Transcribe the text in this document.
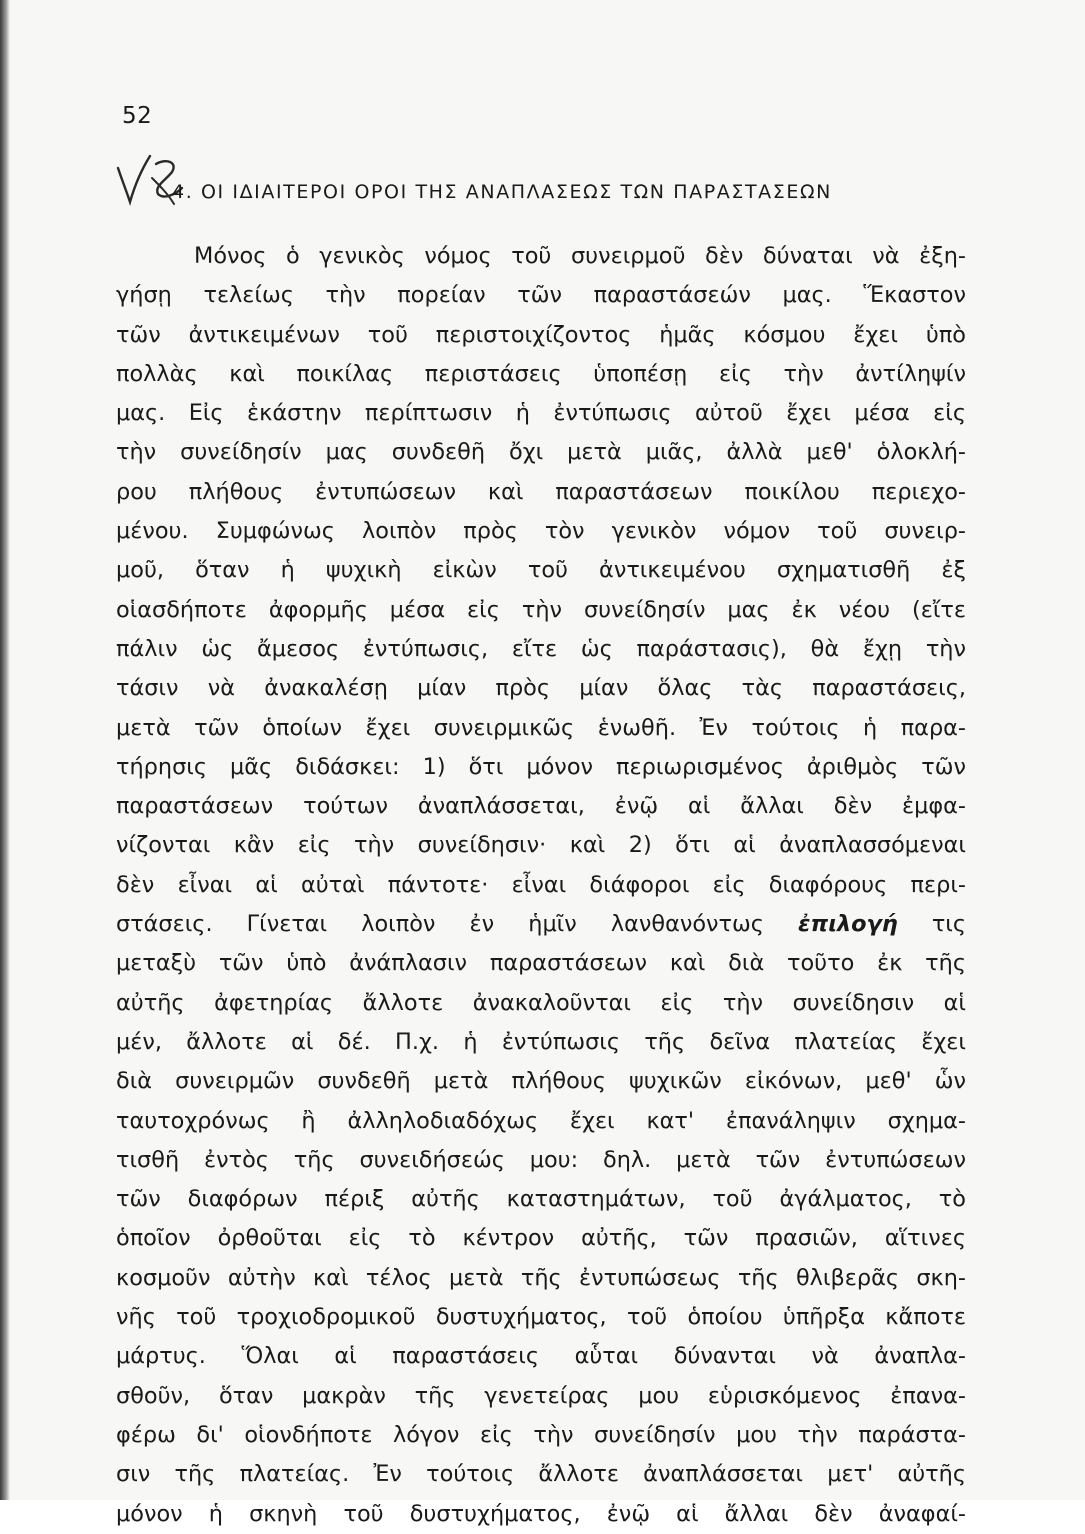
52
4. ΟΙ ΙΔΙΑΙΤΕΡΟΙ ΟΡΟΙ ΤΗΣ ΑΝΑΠΛΑΣΕΩΣ ΤΩΝ ΠΑΡΑΣΤΑΣΕΩΝ
Μόνος ὁ γενικὸς νόμος τοῦ συνειρμοῦ δὲν δύναται νὰ ἐξη-
γήσῃ τελείως τὴν πορείαν τῶν παραστάσεών μας. Ἕκαστον
τῶν ἀντικειμένων τοῦ περιστοιχίζοντος ἡμᾶς κόσμου ἔχει ὑπὸ
πολλὰς καὶ ποικίλας περιστάσεις ὑποπέσῃ εἰς τὴν ἀντίληψίν
μας. Εἰς ἑκάστην περίπτωσιν ἡ ἐντύπωσις αὐτοῦ ἔχει μέσα εἰς
τὴν συνείδησίν μας συνδεθῆ ὄχι μετὰ μιᾶς, ἀλλὰ μεθ' ὁλοκλή-
ρου πλήθους ἐντυπώσεων καὶ παραστάσεων ποικίλου περιεχο-
μένου. Συμφώνως λοιπὸν πρὸς τὸν γενικὸν νόμον τοῦ συνειρ-
μοῦ, ὅταν ἡ ψυχικὴ εἰκὼν τοῦ ἀντικειμένου σχηματισθῆ ἐξ
οἱασδήποτε ἀφορμῆς μέσα εἰς τὴν συνείδησίν μας ἐκ νέου (εἴτε
πάλιν ὡς ἄμεσος ἐντύπωσις, εἴτε ὡς παράστασις), θὰ ἔχῃ τὴν
τάσιν νὰ ἀνακαλέσῃ μίαν πρὸς μίαν ὅλας τὰς παραστάσεις,
μετὰ τῶν ὁποίων ἔχει συνειρμικῶς ἑνωθῆ. Ἐν τούτοις ἡ παρα-
τήρησις μᾶς διδάσκει: 1) ὅτι μόνον περιωρισμένος ἀριθμὸς τῶν
παραστάσεων τούτων ἀναπλάσσεται, ἐνῷ αἱ ἄλλαι δὲν ἐμφα-
νίζονται κἂν εἰς τὴν συνείδησιν· καὶ 2) ὅτι αἱ ἀναπλασσόμεναι
δὲν εἶναι αἱ αὐταὶ πάντοτε· εἶναι διάφοροι εἰς διαφόρους περι-
στάσεις. Γίνεται λοιπὸν ἐν ἡμῖν λανθανόντως ἐπιλογή τις
μεταξὺ τῶν ὑπὸ ἀνάπλασιν παραστάσεων καὶ διὰ τοῦτο ἐκ τῆς
αὐτῆς ἀφετηρίας ἄλλοτε ἀνακαλοῦνται εἰς τὴν συνείδησιν αἱ
μέν, ἄλλοτε αἱ δέ. Π.χ. ἡ ἐντύπωσις τῆς δεῖνα πλατείας ἔχει
διὰ συνειρμῶν συνδεθῆ μετὰ πλήθους ψυχικῶν εἰκόνων, μεθ' ὧν
ταυτοχρόνως ἢ ἀλληλοδιαδόχως ἔχει κατ' ἐπανάληψιν σχημα-
τισθῆ ἐντὸς τῆς συνειδήσεώς μου: δηλ. μετὰ τῶν ἐντυπώσεων
τῶν διαφόρων πέριξ αὐτῆς καταστημάτων, τοῦ ἀγάλματος, τὸ
ὁποῖον ὀρθοῦται εἰς τὸ κέντρον αὐτῆς, τῶν πρασιῶν, αἵτινες
κοσμοῦν αὐτὴν καὶ τέλος μετὰ τῆς ἐντυπώσεως τῆς θλιβερᾶς σκη-
νῆς τοῦ τροχιοδρομικοῦ δυστυχήματος, τοῦ ὁποίου ὑπῆρξα κἄποτε
μάρτυς. Ὅλαι αἱ παραστάσεις αὗται δύνανται νὰ ἀναπλα-
σθοῦν, ὅταν μακρὰν τῆς γενετείρας μου εὑρισκόμενος ἐπανα-
φέρω δι' οἱονδήποτε λόγον εἰς τὴν συνείδησίν μου τὴν παράστα-
σιν τῆς πλατείας. Ἐν τούτοις ἄλλοτε ἀναπλάσσεται μετ' αὐτῆς
μόνον ἡ σκηνὴ τοῦ δυστυχήματος, ἐνῷ αἱ ἄλλαι δὲν ἀναφαί-
